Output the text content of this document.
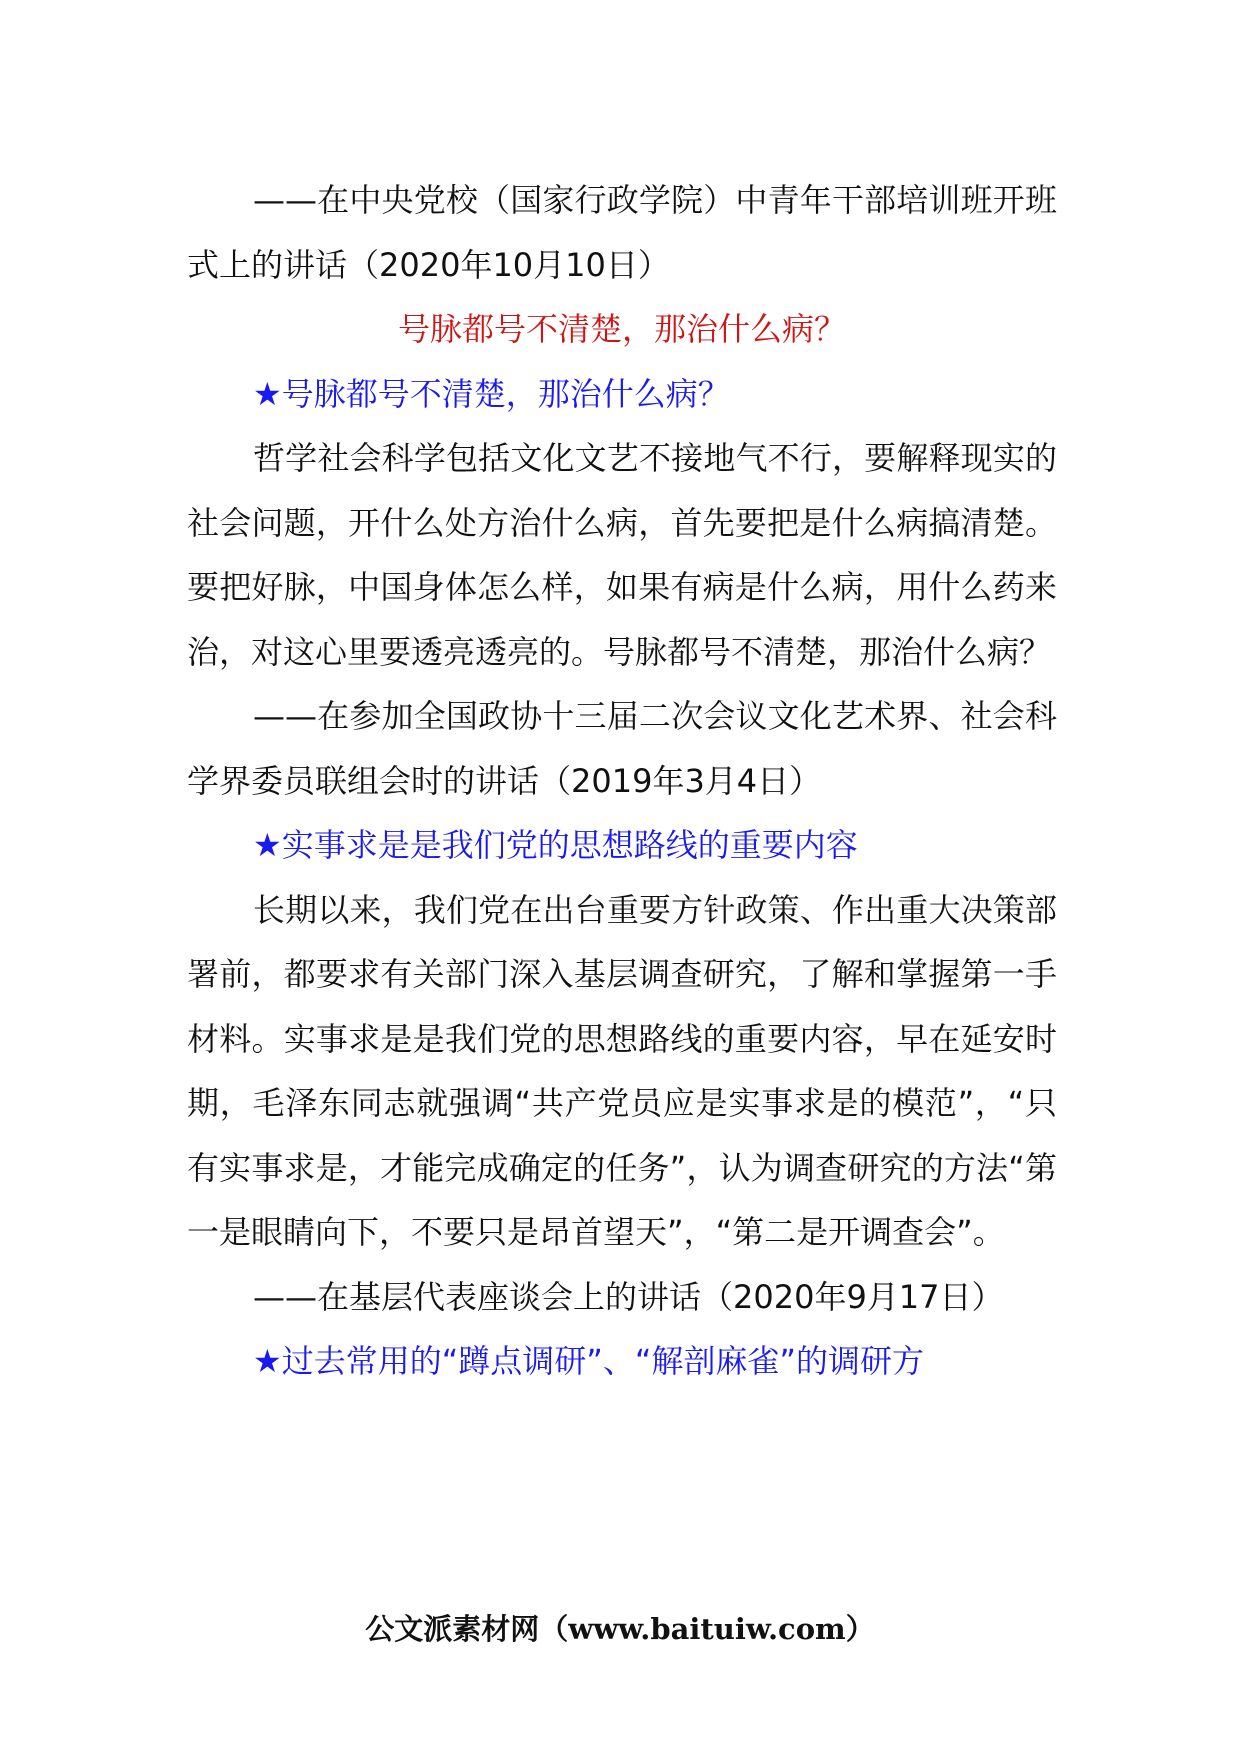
——在中央党校（国家行政学院）中青年干部培训班开班式上的讲话（2020年10月10日）

号脉都号不清楚，那治什么病？

★号脉都号不清楚，那治什么病？

哲学社会科学包括文化文艺不接地气不行，要解释现实的社会问题，开什么处方治什么病，首先要把是什么病搞清楚。要把好脉，中国身体怎么样，如果有病是什么病，用什么药来治，对这心里要透亮透亮的。号脉都号不清楚，那治什么病？

——在参加全国政协十三届二次会议文化艺术界、社会科学界委员联组会时的讲话（2019年3月4日）

★实事求是是我们党的思想路线的重要内容

长期以来，我们党在出台重要方针政策、作出重大决策部署前，都要求有关部门深入基层调查研究，了解和掌握第一手材料。实事求是是我们党的思想路线的重要内容，早在延安时期，毛泽东同志就强调“共产党员应是实事求是的模范”，“只有实事求是，才能完成确定的任务”，认为调查研究的方法“第一是眼睛向下，不要只是昂首望天”，“第二是开调查会”。

——在基层代表座谈会上的讲话（2020年9月17日）

★过去常用的“蹲点调研”、“解剖麻雀”的调研方

公文派素材网（www.baituiw.com）
